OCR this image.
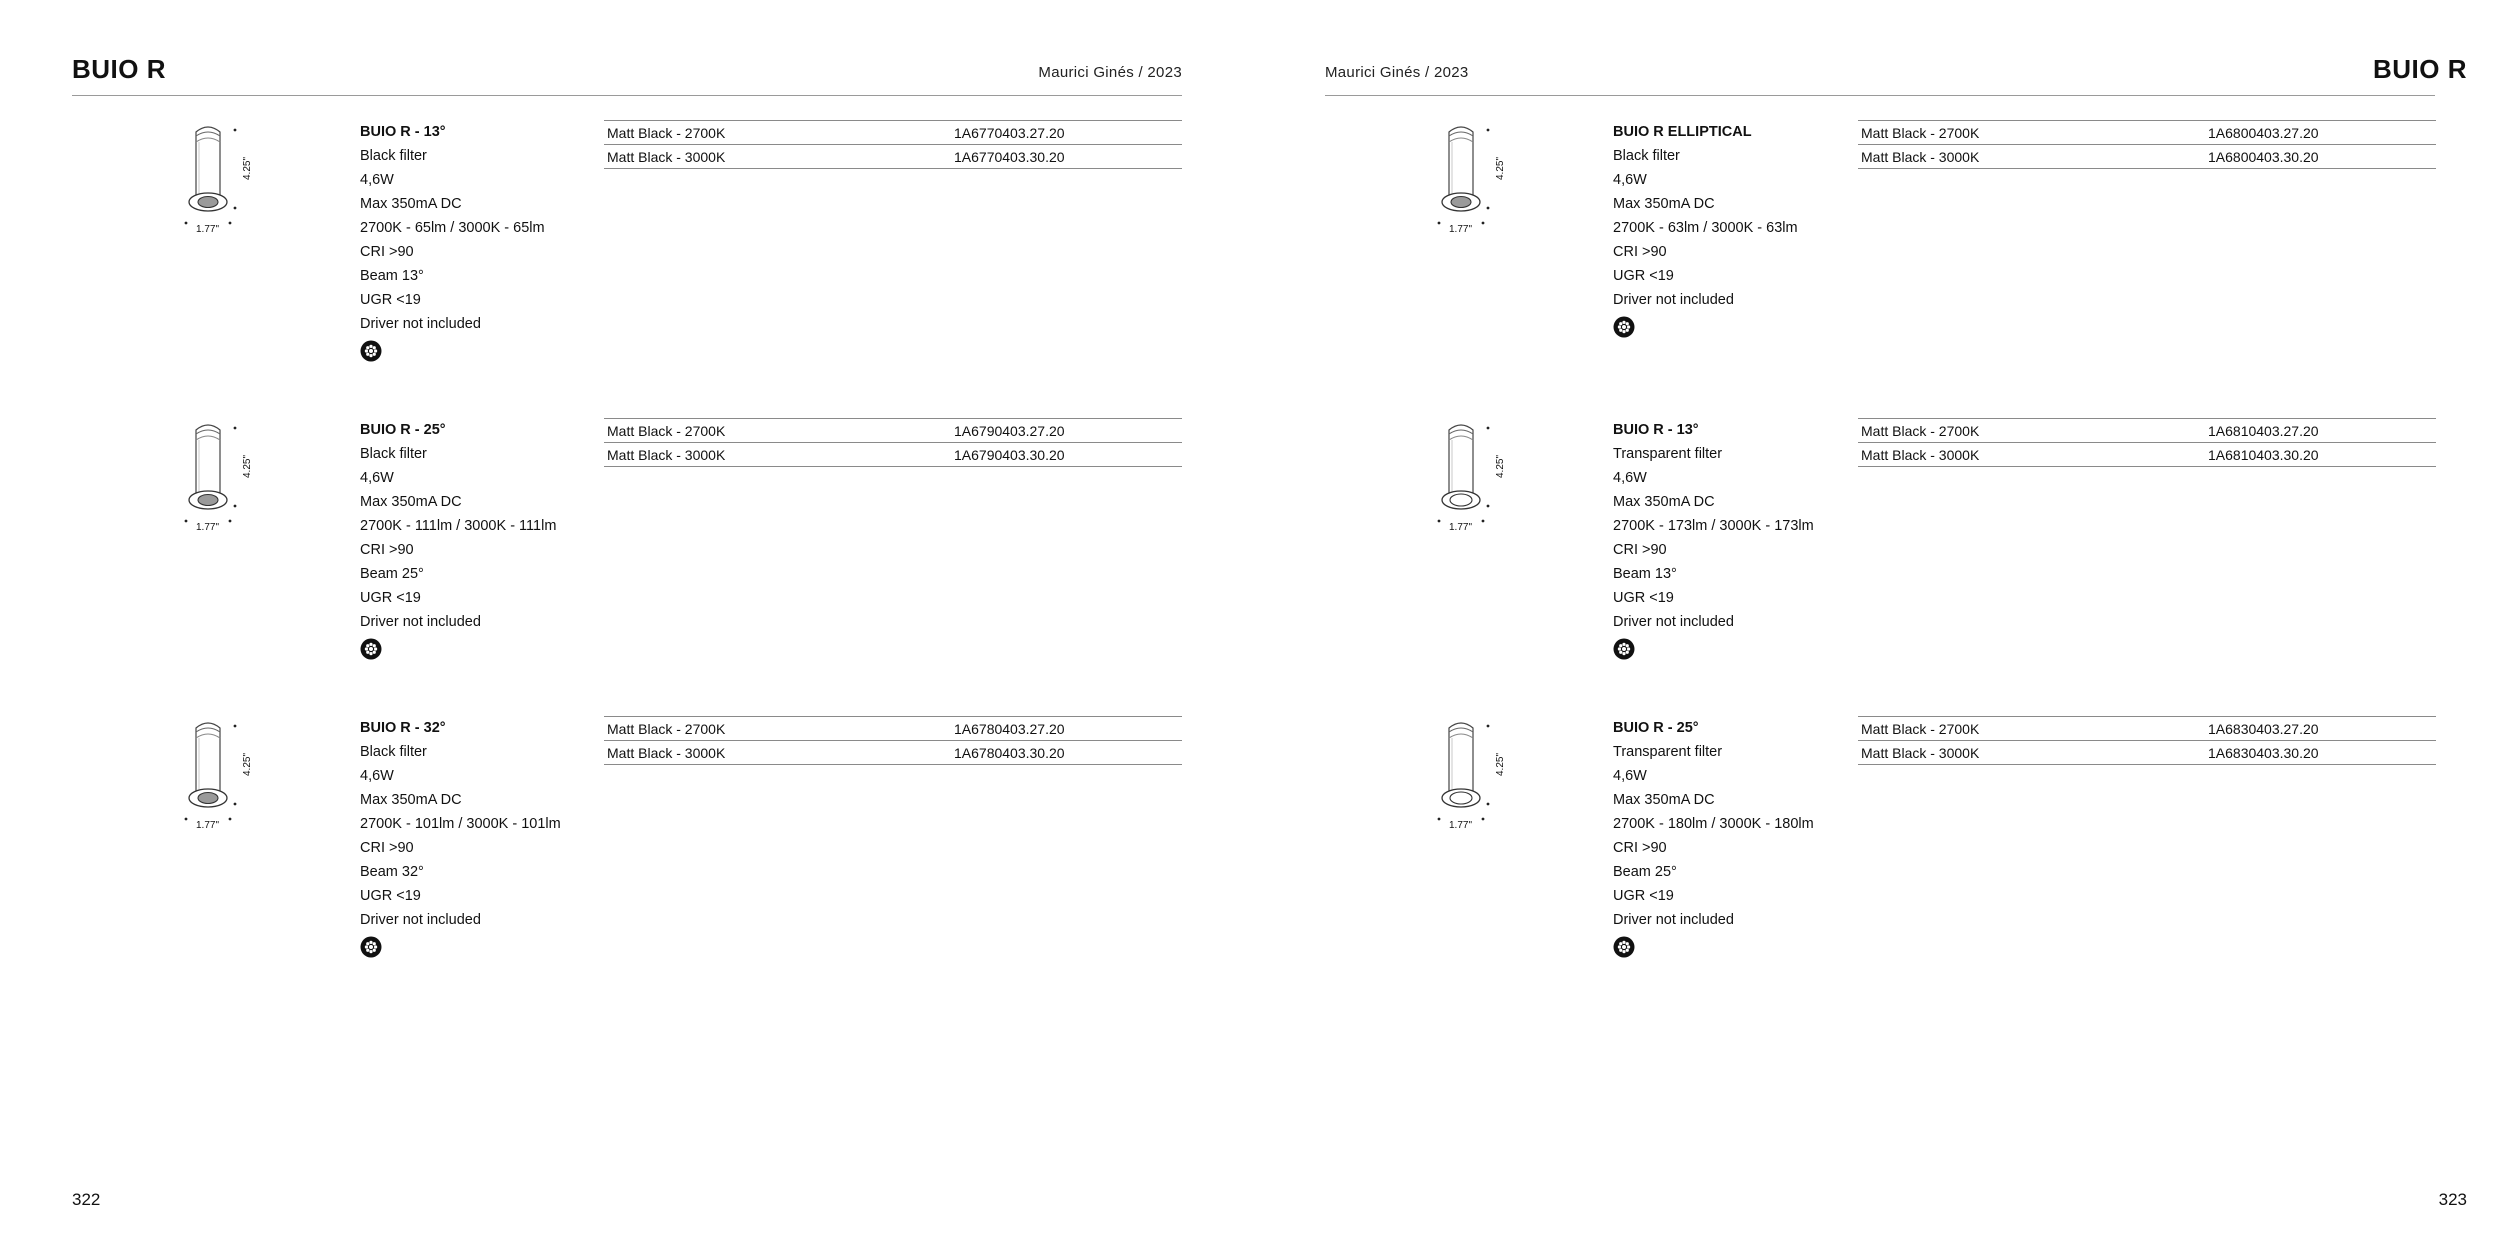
BUIO R	Maurici Ginés / 2023
4.25"
1.77"
BUIO R - 13°
Black filter
4,6W
Max 350mA DC
2700K - 65lm / 3000K - 65lm
CRI >90
Beam 13°
UGR <19
Driver not included
Matt Black - 2700K	1A6770403.27.20
Matt Black - 3000K	1A6770403.30.20
4.25"
1.77"
BUIO R - 25°
Black filter
4,6W
Max 350mA DC
2700K - 111lm / 3000K - 111lm
CRI >90
Beam 25°
UGR <19
Driver not included
Matt Black - 2700K	1A6790403.27.20
Matt Black - 3000K	1A6790403.30.20
4.25"
1.77"
BUIO R - 32°
Black filter
4,6W
Max 350mA DC
2700K - 101lm / 3000K - 101lm
CRI >90
Beam 32°
UGR <19
Driver not included
Matt Black - 2700K	1A6780403.27.20
Matt Black - 3000K	1A6780403.30.20
322
Maurici Ginés / 2023	BUIO R
4.25"
1.77"
BUIO R ELLIPTICAL
Black filter
4,6W
Max 350mA DC
2700K - 63lm / 3000K - 63lm
CRI >90
UGR <19
Driver not included
Matt Black - 2700K	1A6800403.27.20
Matt Black - 3000K	1A6800403.30.20
4.25"
1.77"
BUIO R - 13°
Transparent filter
4,6W
Max 350mA DC
2700K - 173lm / 3000K - 173lm
CRI >90
Beam 13°
UGR <19
Driver not included
Matt Black - 2700K	1A6810403.27.20
Matt Black - 3000K	1A6810403.30.20
4.25"
1.77"
BUIO R - 25°
Transparent filter
4,6W
Max 350mA DC
2700K - 180lm / 3000K - 180lm
CRI >90
Beam 25°
UGR <19
Driver not included
Matt Black - 2700K	1A6830403.27.20
Matt Black - 3000K	1A6830403.30.20
323
